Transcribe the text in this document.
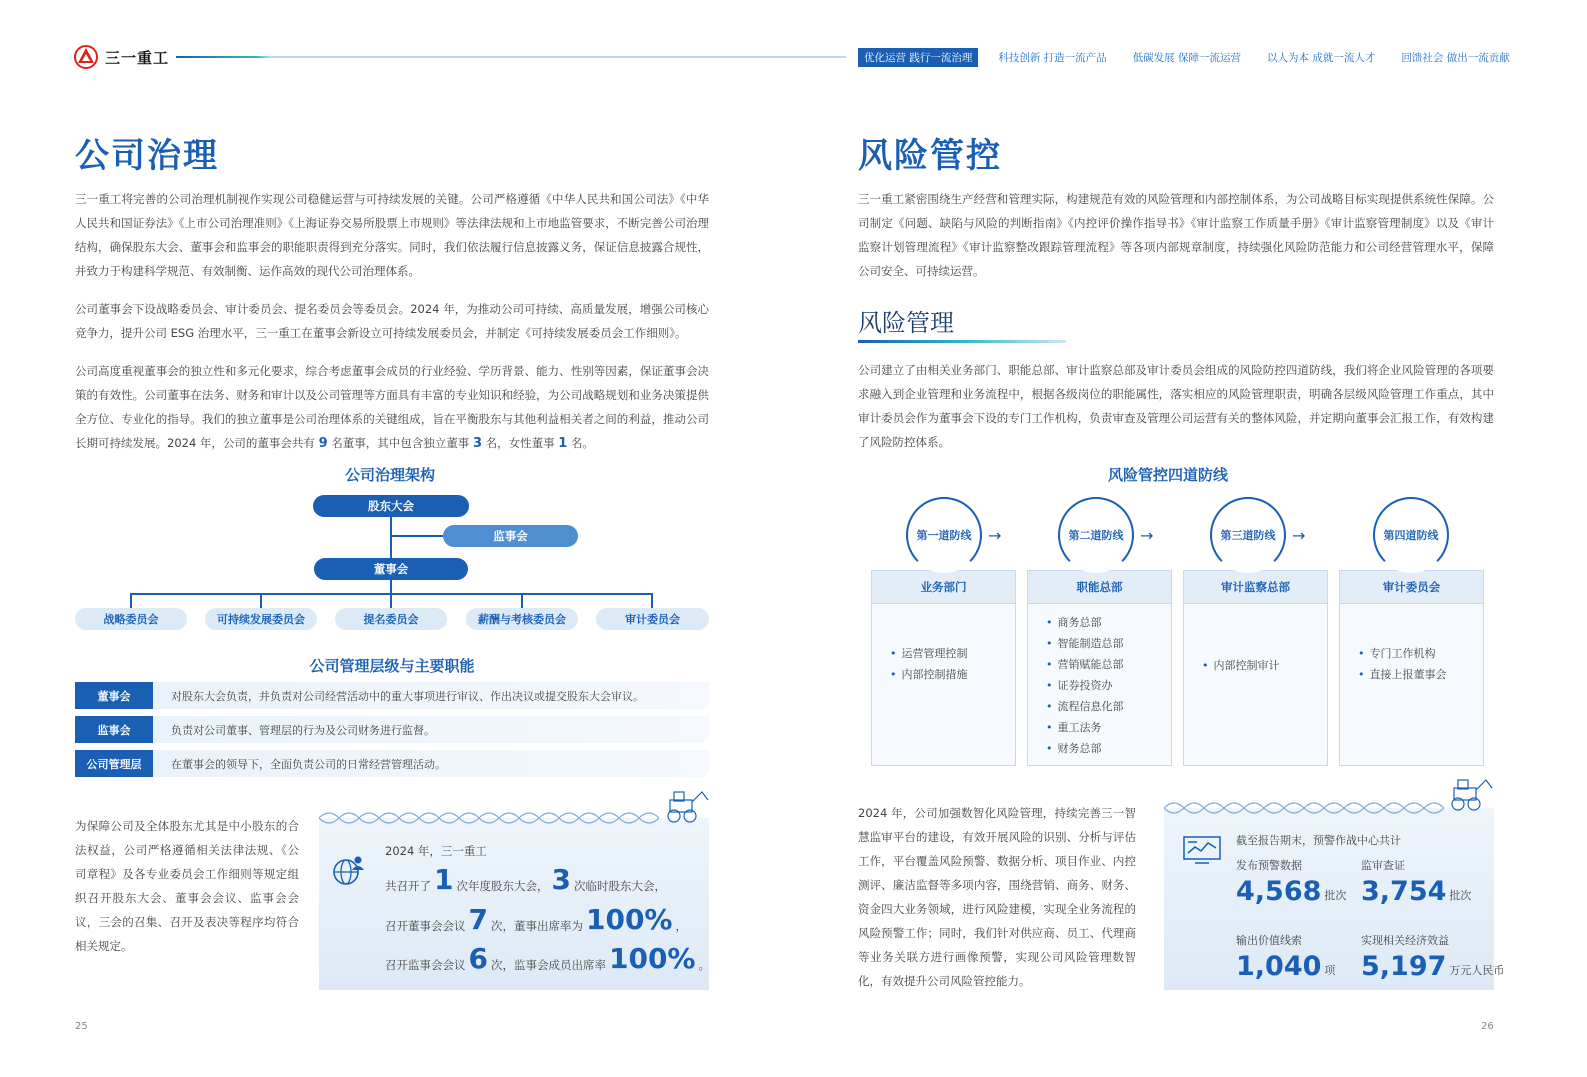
三一重工	优化运营 践行一流治理	科技创新 打造一流产品	低碳发展 保障一流运营	以人为本 成就一流人才	回馈社会 做出一流贡献
公司治理
三一重工将完善的公司治理机制视作实现公司稳健运营与可持续发展的关键。公司严格遵循《中华人民共和国公司法》《中华人民共和国证券法》《上市公司治理准则》《上海证券交易所股票上市规则》等法律法规和上市地监管要求，不断完善公司治理结构，确保股东大会、董事会和监事会的职能职责得到充分落实。同时，我们依法履行信息披露义务，保证信息披露合规性，并致力于构建科学规范、有效制衡、运作高效的现代公司治理体系。
公司董事会下设战略委员会、审计委员会、提名委员会等委员会。2024 年，为推动公司可持续、高质量发展，增强公司核心竞争力，提升公司 ESG 治理水平，三一重工在董事会新设立可持续发展委员会，并制定《可持续发展委员会工作细则》。
公司高度重视董事会的独立性和多元化要求，综合考虑董事会成员的行业经验、学历背景、能力、性别等因素，保证董事会决策的有效性。公司董事在法务、财务和审计以及公司管理等方面具有丰富的专业知识和经验，为公司战略规划和业务决策提供全方位、专业化的指导。我们的独立董事是公司治理体系的关键组成，旨在平衡股东与其他利益相关者之间的利益，推动公司长期可持续发展。2024 年，公司的董事会共有 9 名董事，其中包含独立董事 3 名，女性董事 1 名。
公司治理架构
股东大会
监事会
董事会
战略委员会	可持续发展委员会	提名委员会	薪酬与考核委员会	审计委员会
公司管理层级与主要职能
董事会	对股东大会负责，并负责对公司经营活动中的重大事项进行审议、作出决议或提交股东大会审议。
监事会	负责对公司董事、管理层的行为及公司财务进行监督。
公司管理层	在董事会的领导下，全面负责公司的日常经营管理活动。
为保障公司及全体股东尤其是中小股东的合法权益，公司严格遵循相关法律法规、《公司章程》及各专业委员会工作细则等规定组织召开股东大会、董事会会议、监事会会议，三会的召集、召开及表决等程序均符合相关规定。
2024 年，三一重工
共召开了 1 次年度股东大会， 3 次临时股东大会，
召开董事会会议 7 次，董事出席率为 100% ，
召开监事会会议 6 次，监事会成员出席率 100% 。
25
风险管控
三一重工紧密围绕生产经营和管理实际，构建规范有效的风险管理和内部控制体系，为公司战略目标实现提供系统性保障。公司制定《问题、缺陷与风险的判断指南》《内控评价操作指导书》《审计监察工作质量手册》《审计监察管理制度》以及《审计监察计划管理流程》《审计监察整改跟踪管理流程》等各项内部规章制度，持续强化风险防范能力和公司经营管理水平，保障公司安全、可持续运营。
风险管理
公司建立了由相关业务部门、职能总部、审计监察总部及审计委员会组成的风险防控四道防线，我们将企业风险管理的各项要求融入到企业管理和业务流程中，根据各级岗位的职能属性，落实相应的风险管理职责，明确各层级风险管理工作重点，其中审计委员会作为董事会下设的专门工作机构，负责审查及管理公司运营有关的整体风险，并定期向董事会汇报工作，有效构建了风险防控体系。
风险管控四道防线
业务部门
• 运营管理控制
• 内部控制措施
职能总部
• 商务总部
• 智能制造总部
• 营销赋能总部
• 证券投资办
• 流程信息化部
• 重工法务
• 财务总部
审计监察总部
• 内部控制审计
审计委员会
• 专门工作机构
• 直接上报董事会
第一道防线	第二道防线	第三道防线	第四道防线
→	→	→
2024 年，公司加强数智化风险管理，持续完善三一智慧监审平台的建设，有效开展风险的识别、分析与评估工作，平台覆盖风险预警、数据分析、项目作业、内控测评、廉洁监督等多项内容，围绕营销、商务、财务、资金四大业务领域，进行风险建模，实现全业务流程的风险预警工作；同时，我们针对供应商、员工、代理商等业务关联方进行画像预警，实现公司风险管理数智化，有效提升公司风险管控能力。
截至报告期末，预警作战中心共计
发布预警数据
4,568 批次
监审查证
3,754 批次
输出价值线索
1,040 项
实现相关经济效益
5,197 万元人民币
26
